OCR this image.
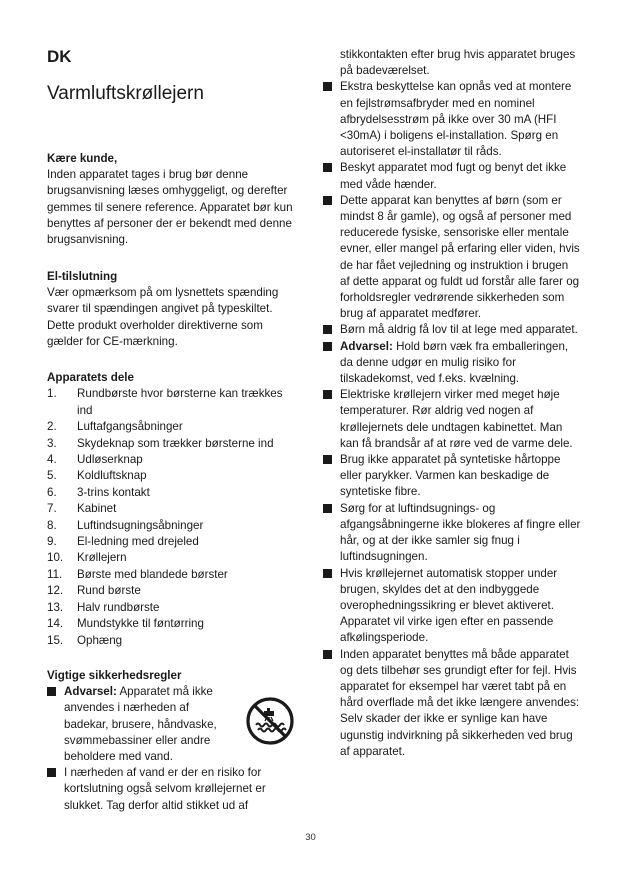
DK
Varmluftskrøllejern

Kære kunde,

Inden apparatet tages i brug bør denne brugsanvisning læses omhyggeligt, og derefter gemmes til senere reference. Apparatet bør kun benyttes af personer der er bekendt med denne brugsanvisning.

El-tilslutning

Vær opmærksom på om lysnettets spænding svarer til spændingen angivet på typeskiltet. Dette produkt overholder direktiverne som gælder for CE-mærkning.

Apparatets dele

1. Rundbørste hvor børsterne kan trækkes ind
2. Luftafgangsåbninger
3. Skydeknap som trækker børsterne ind
4. Udløserknap
5. Koldluftsknap
6. 3-trins kontakt
7. Kabinet
8. Luftindsugningsåbninger
9. El-ledning med drejeled
10. Krøllejern
11. Børste med blandede børster
12. Rund børste
13. Halv rundbørste
14. Mundstykke til føntørring
15. Ophæng

Vigtige sikkerhedsregler

Advarsel: Apparatet må ikke anvendes i nærheden af badekar, brusere, håndvaske, svømmebassiner eller andre beholdere med vand.
I nærheden af vand er der en risiko for kortslutning også selvom krøllejernet er slukket. Tag derfor altid stikket ud af

stikkontakten efter brug hvis apparatet bruges på badeværelset.

Ekstra beskyttelse kan opnås ved at montere en fejlstrømsafbryder med en nominel afbrydelsesstrøm på ikke over 30 mA (HFI <30mA) i boligens el-installation. Spørg en autoriseret el-installatør til råds.
Beskyt apparatet mod fugt og benyt det ikke med våde hænder.
Dette apparat kan benyttes af børn (som er mindst 8 år gamle), og også af personer med reducerede fysiske, sensoriske eller mentale evner, eller mangel på erfaring eller viden, hvis de har fået vejledning og instruktion i brugen af dette apparat og fuldt ud forstår alle farer og forholdsregler vedrørende sikkerheden som brug af apparatet medfører.
Børn må aldrig få lov til at lege med apparatet.
Advarsel: Hold børn væk fra emballeringen, da denne udgør en mulig risiko for tilskadekomst, ved f.eks. kvælning.
Elektriske krøllejern virker med meget høje temperaturer. Rør aldrig ved nogen af krøllejernets dele undtagen kabinettet. Man kan få brandsår af at røre ved de varme dele.
Brug ikke apparatet på syntetiske hårtoppe eller parykker. Varmen kan beskadige de syntetiske fibre.
Sørg for at luftindsugnings- og afgangsåbningerne ikke blokeres af fingre eller hår, og at der ikke samler sig fnug i luftindsugningen.
Hvis krøllejernet automatisk stopper under brugen, skyldes det at den indbyggede overophedningssikring er blevet aktiveret. Apparatet vil virke igen efter en passende afkølingsperiode.
Inden apparatet benyttes må både apparatet og dets tilbehør ses grundigt efter for fejl. Hvis apparatet for eksempel har været tabt på en hård overflade må det ikke længere anvendes: Selv skader der ikke er synlige kan have ugunstig indvirkning på sikkerheden ved brug af apparatet.
30
